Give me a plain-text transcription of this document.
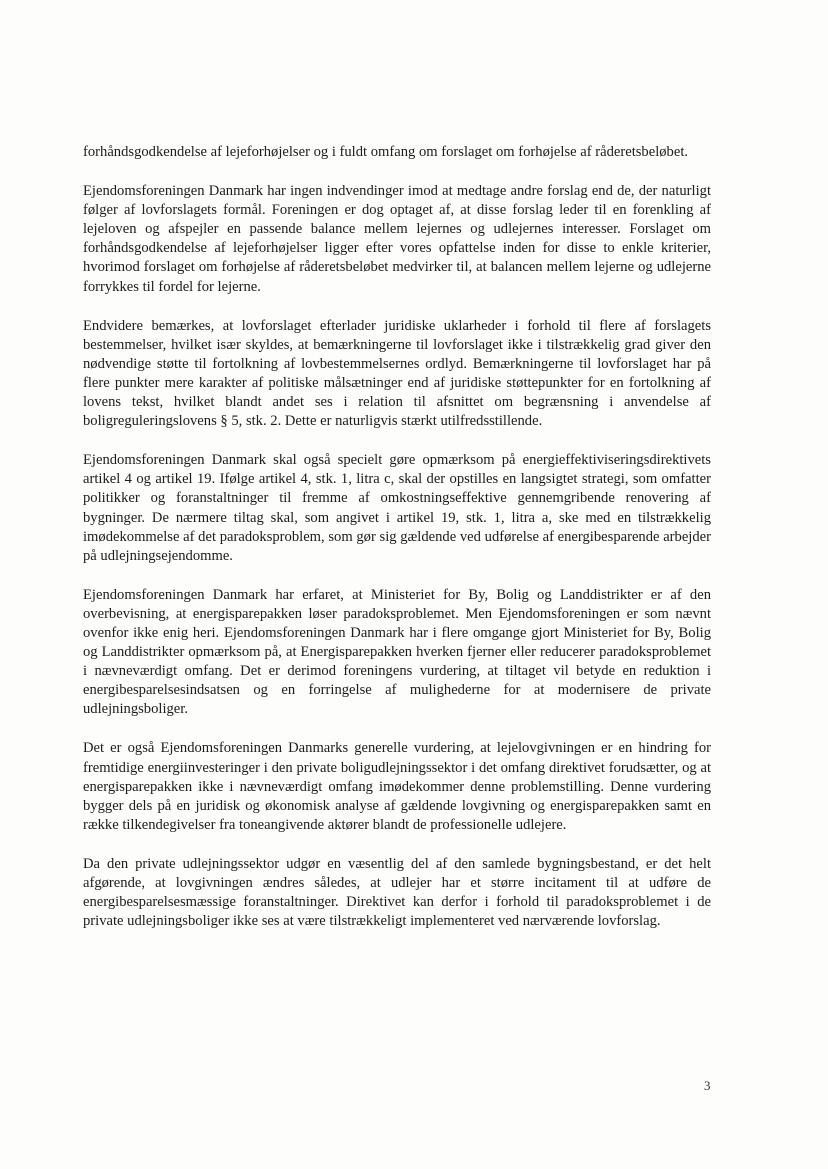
forhåndsgodkendelse af lejeforhøjelser og i fuldt omfang om forslaget om forhøjelse af råderetsbeløbet.

Ejendomsforeningen Danmark har ingen indvendinger imod at medtage andre forslag end de, der naturligt følger af lovforslagets formål. Foreningen er dog optaget af, at disse forslag leder til en forenkling af lejeloven og afspejler en passende balance mellem lejernes og udlejernes interesser. Forslaget om forhåndsgodkendelse af lejeforhøjelser ligger efter vores opfattelse inden for disse to enkle kriterier, hvorimod forslaget om forhøjelse af råderetsbeløbet medvirker til, at balancen mellem lejerne og udlejerne forrykkes til fordel for lejerne.

Endvidere bemærkes, at lovforslaget efterlader juridiske uklarheder i forhold til flere af forslagets bestemmelser, hvilket især skyldes, at bemærkningerne til lovforslaget ikke i tilstrækkelig grad giver den nødvendige støtte til fortolkning af lovbestemmelsernes ordlyd. Bemærkningerne til lovforslaget har på flere punkter mere karakter af politiske målsætninger end af juridiske støttepunkter for en fortolkning af lovens tekst, hvilket blandt andet ses i relation til afsnittet om begrænsning i anvendelse af boligreguleringslovens § 5, stk. 2. Dette er naturligvis stærkt utilfredsstillende.

Ejendomsforeningen Danmark skal også specielt gøre opmærksom på energieffektiviseringsdirektivets artikel 4 og artikel 19. Ifølge artikel 4, stk. 1, litra c, skal der opstilles en langsigtet strategi, som omfatter politikker og foranstaltninger til fremme af omkostningseffektive gennemgribende renovering af bygninger. De nærmere tiltag skal, som angivet i artikel 19, stk. 1, litra a, ske med en tilstrækkelig imødekommelse af det paradoksproblem, som gør sig gældende ved udførelse af energibesparende arbejder på udlejningsejendomme.

Ejendomsforeningen Danmark har erfaret, at Ministeriet for By, Bolig og Landdistrikter er af den overbevisning, at energisparepakken løser paradoksproblemet. Men Ejendomsforeningen er som nævnt ovenfor ikke enig heri. Ejendomsforeningen Danmark har i flere omgange gjort Ministeriet for By, Bolig og Landdistrikter opmærksom på, at Energisparepakken hverken fjerner eller reducerer paradoksproblemet i nævneværdigt omfang. Det er derimod foreningens vurdering, at tiltaget vil betyde en reduktion i energibesparelsesindsatsen og en forringelse af mulighederne for at modernisere de private udlejningsboliger.

Det er også Ejendomsforeningen Danmarks generelle vurdering, at lejelovgivningen er en hindring for fremtidige energiinvesteringer i den private boligudlejningssektor i det omfang direktivet forudsætter, og at energisparepakken ikke i nævneværdigt omfang imødekommer denne problemstilling. Denne vurdering bygger dels på en juridisk og økonomisk analyse af gældende lovgivning og energisparepakken samt en række tilkendegivelser fra toneangivende aktører blandt de professionelle udlejere.

Da den private udlejningssektor udgør en væsentlig del af den samlede bygningsbestand, er det helt afgørende, at lovgivningen ændres således, at udlejer har et større incitament til at udføre de energibesparelsesmæssige foranstaltninger. Direktivet kan derfor i forhold til paradoksproblemet i de private udlejningsboliger ikke ses at være tilstrækkeligt implementeret ved nærværende lovforslag.

3
